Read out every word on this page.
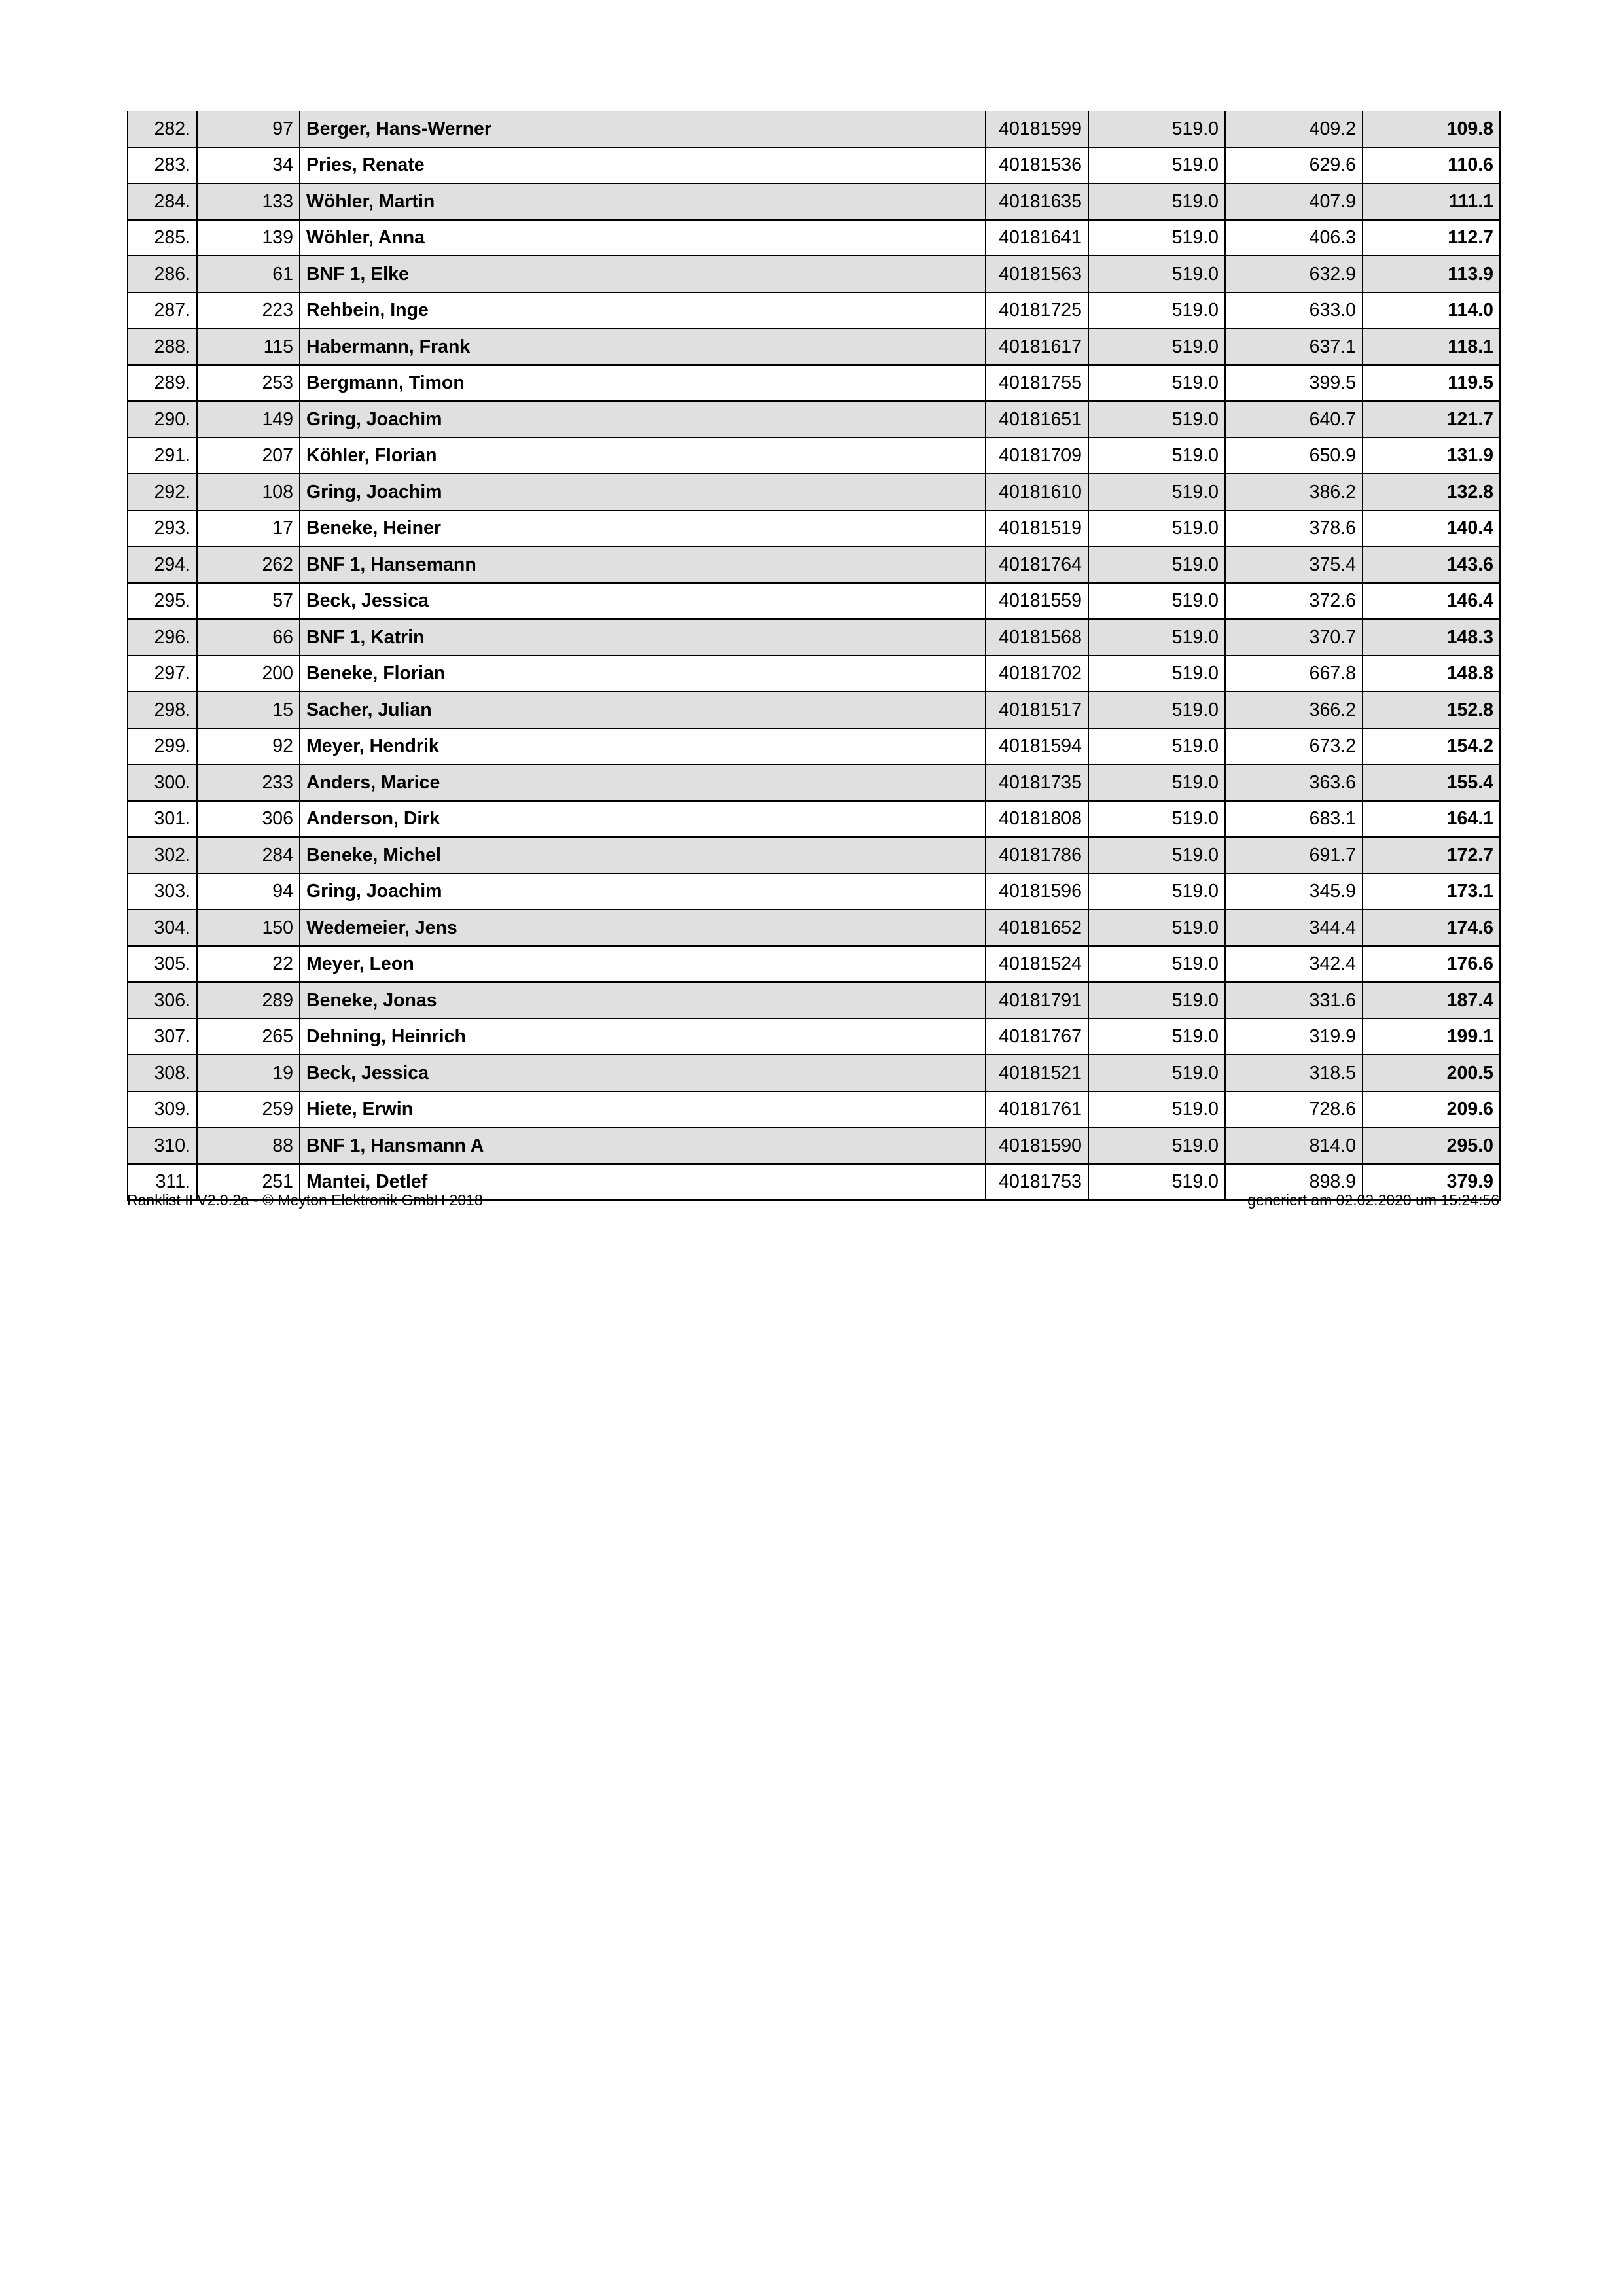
282.	97	Berger, Hans-Werner	40181599	519.0	409.2	109.8
283.	34	Pries, Renate	40181536	519.0	629.6	110.6
284.	133	Wöhler, Martin	40181635	519.0	407.9	111.1
285.	139	Wöhler, Anna	40181641	519.0	406.3	112.7
286.	61	BNF 1, Elke	40181563	519.0	632.9	113.9
287.	223	Rehbein, Inge	40181725	519.0	633.0	114.0
288.	115	Habermann, Frank	40181617	519.0	637.1	118.1
289.	253	Bergmann, Timon	40181755	519.0	399.5	119.5
290.	149	Gring, Joachim	40181651	519.0	640.7	121.7
291.	207	Köhler, Florian	40181709	519.0	650.9	131.9
292.	108	Gring, Joachim	40181610	519.0	386.2	132.8
293.	17	Beneke, Heiner	40181519	519.0	378.6	140.4
294.	262	BNF 1, Hansemann	40181764	519.0	375.4	143.6
295.	57	Beck, Jessica	40181559	519.0	372.6	146.4
296.	66	BNF 1, Katrin	40181568	519.0	370.7	148.3
297.	200	Beneke, Florian	40181702	519.0	667.8	148.8
298.	15	Sacher, Julian	40181517	519.0	366.2	152.8
299.	92	Meyer, Hendrik	40181594	519.0	673.2	154.2
300.	233	Anders, Marice	40181735	519.0	363.6	155.4
301.	306	Anderson, Dirk	40181808	519.0	683.1	164.1
302.	284	Beneke, Michel	40181786	519.0	691.7	172.7
303.	94	Gring, Joachim	40181596	519.0	345.9	173.1
304.	150	Wedemeier, Jens	40181652	519.0	344.4	174.6
305.	22	Meyer, Leon	40181524	519.0	342.4	176.6
306.	289	Beneke, Jonas	40181791	519.0	331.6	187.4
307.	265	Dehning, Heinrich	40181767	519.0	319.9	199.1
308.	19	Beck, Jessica	40181521	519.0	318.5	200.5
309.	259	Hiete, Erwin	40181761	519.0	728.6	209.6
310.	88	BNF 1, Hansmann A	40181590	519.0	814.0	295.0
311.	251	Mantei, Detlef	40181753	519.0	898.9	379.9
Ranklist II V2.0.2a - © Meyton Elektronik GmbH 2018	generiert am 02.02.2020 um 15:24:56
